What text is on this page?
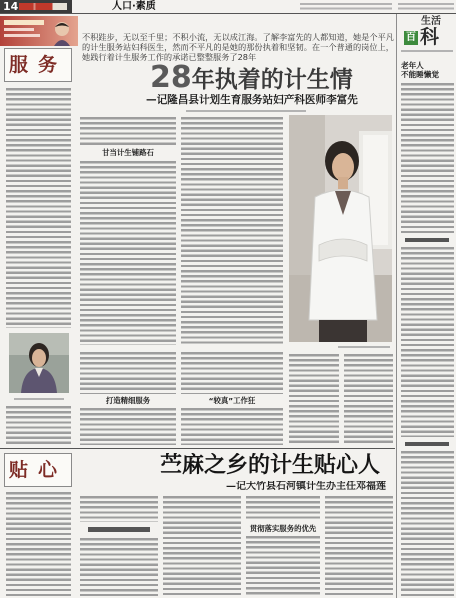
14	人口·素质
不积跬步，无以至千里；不积小流，无以成江海。了解李富先的人都知道，她是个平凡的计生服务站妇科医生，然而不平凡的是她的那份执着和坚韧。在一个普通的岗位上，她践行着计生服务工作的承诺已整整服务了28年
28年执着的计生情
—记隆昌县计划生育服务站妇产科医师李富先
服务
甘当计生铺路石
打造精细服务	“较真”工作狂
贴心	苎麻之乡的计生贴心人
—记大竹县石河镇计生办主任邓福莲
贯彻落实服务的优先
生活
百 科
老年人
不能睡懒觉
